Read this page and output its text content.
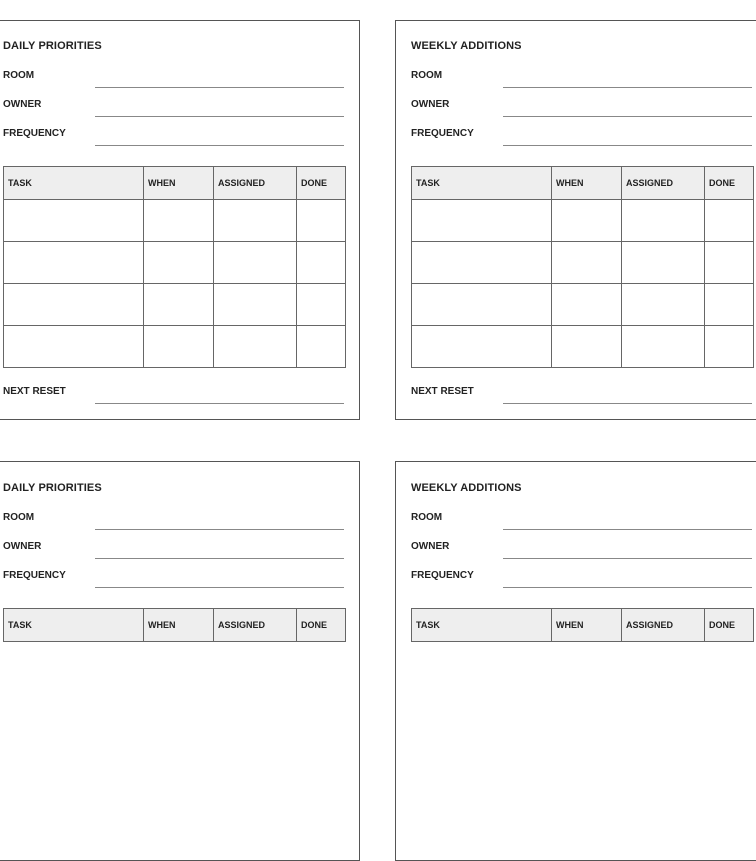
DAILY PRIORITIES
ROOM
OWNER
FREQUENCY
TASK	WHEN	ASSIGNED	DONE

NEXT RESET
WEEKLY ADDITIONS
ROOM
OWNER
FREQUENCY
TASK	WHEN	ASSIGNED	DONE

NEXT RESET
DAILY PRIORITIES
ROOM
OWNER
FREQUENCY
TASK	WHEN	ASSIGNED	DONE
WEEKLY ADDITIONS
ROOM
OWNER
FREQUENCY
TASK	WHEN	ASSIGNED	DONE
